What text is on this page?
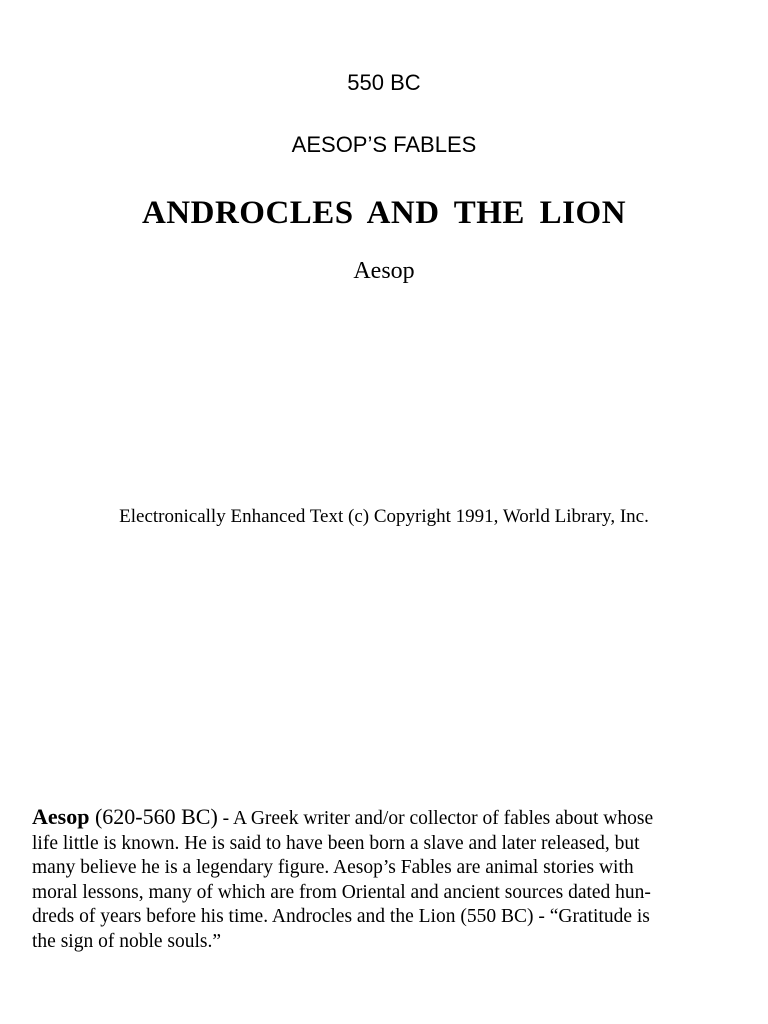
550 BC
AESOP’S FABLES
ANDROCLES AND THE LION
Aesop
Electronically Enhanced Text (c) Copyright 1991, World Library, Inc.
Aesop (620-560 BC) - A Greek writer and/or collector of fables about whose
life little is known. He is said to have been born a slave and later released, but
many believe he is a legendary figure. Aesop’s Fables are animal stories with
moral lessons, many of which are from Oriental and ancient sources dated hun-
dreds of years before his time. Androcles and the Lion (550 BC) - “Gratitude is
the sign of noble souls.”
